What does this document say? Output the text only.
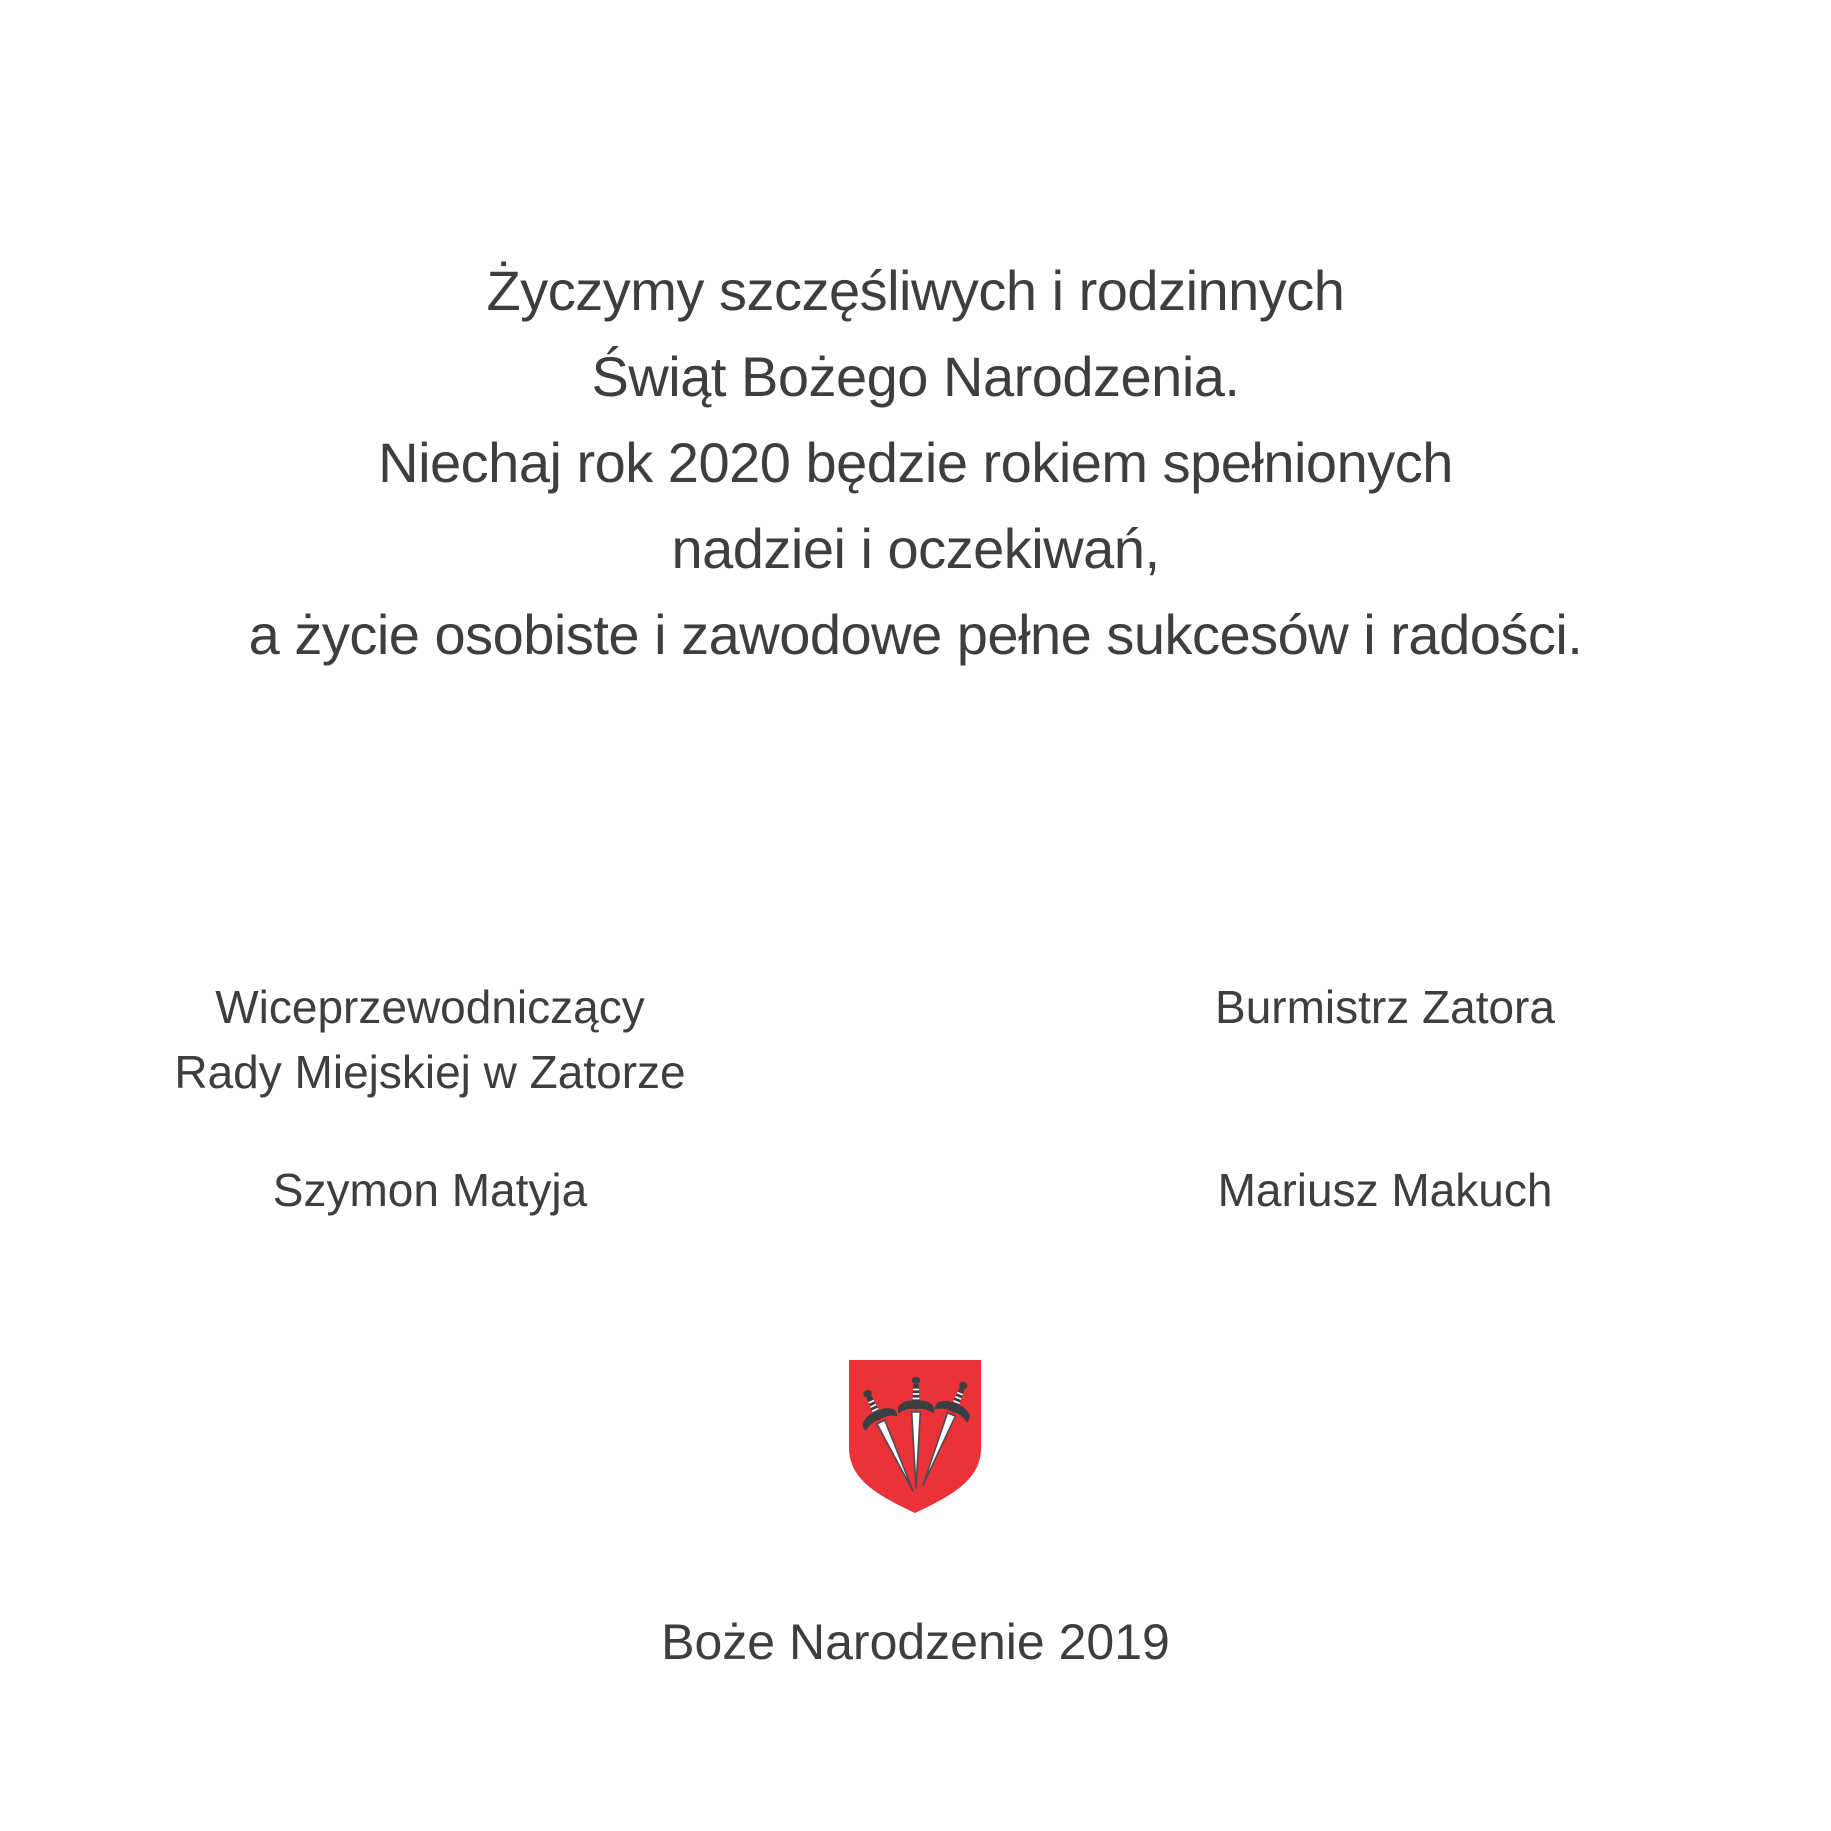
Życzymy szczęśliwych i rodzinnych
Świąt Bożego Narodzenia.
Niechaj rok 2020 będzie rokiem spełnionych
nadziei i oczekiwań,
a życie osobiste i zawodowe pełne sukcesów i radości.
Wiceprzewodniczący
Rady Miejskiej w Zatorze
Burmistrz Zatora
Szymon Matyja	Mariusz Makuch
Boże Narodzenie 2019
